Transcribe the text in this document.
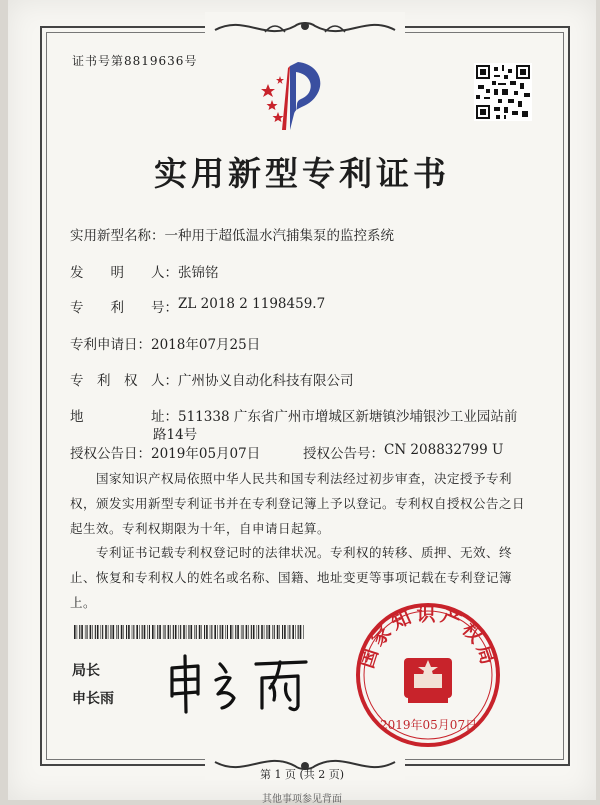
证书号第8819636号
实用新型专利证书
实用新型名称： 一种用于超低温水汽捕集泵的监控系统
发　　明　　人： 张锦铭
专　　利　　号： ZL 2018 2 1198459.7
专利申请日： 2018年07月25日
专　利　权　人： 广州协义自动化科技有限公司
地　　　　　址： 511338 广东省广州市增城区新塘镇沙埔银沙工业园站前
路14号
授权公告日： 2019年05月07日	授权公告号： CN 208832799 U
国家知识产权局依照中华人民共和国专利法经过初步审查，决定授予专利权，颁发实用新型专利证书并在专利登记簿上予以登记。专利权自授权公告之日起生效。专利权期限为十年，自申请日起算。
专利证书记载专利权登记时的法律状况。专利权的转移、质押、无效、终止、恢复和专利权人的姓名或名称、国籍、地址变更等事项记载在专利登记簿上。
局长
申长雨
国家知识产权局
2019年05月07日
第 1 页 (共 2 页)
其他事项参见背面
